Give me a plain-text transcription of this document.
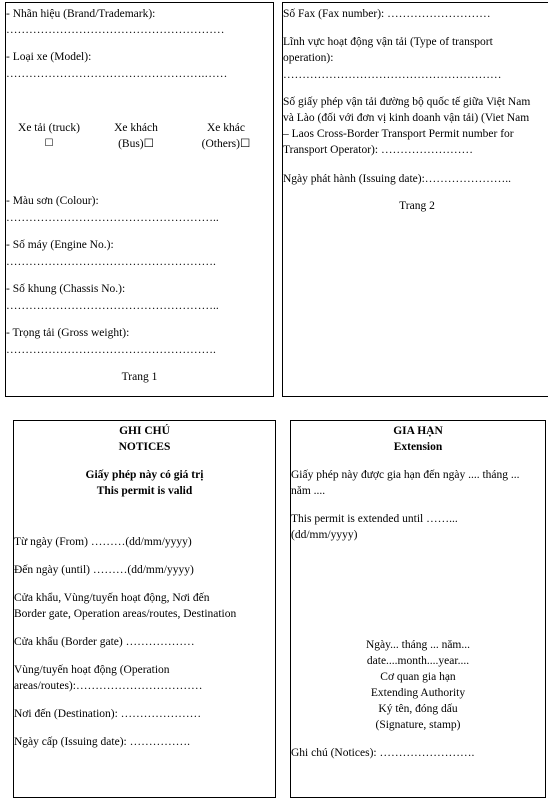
- Nhãn hiệu (Brand/Trademark):
…………………………………………………
- Loại xe (Model):
…………………………………………….……
Xe tải (truck)
☐
Xe khách
(Bus)☐
Xe khác
(Others)☐
- Màu sơn (Colour):
………………………………………………..
- Số máy (Engine No.):
……………………………………………….
- Số khung (Chassis No.):
………………………………………………..
- Trọng tải (Gross weight):
……………………………………………….
Trang 1
Số Fax (Fax number): ………………………
Lĩnh vực hoạt động vận tải (Type of transport
operation):
…………………………………………………
Số giấy phép vận tải đường bộ quốc tế giữa Việt Nam
và Lào (đối với đơn vị kinh doanh vận tải) (Viet Nam
– Laos Cross-Border Transport Permit number for
Transport Operator): ……………………
Ngày phát hành (Issuing date):…………………..
Trang 2
GHI CHÚ
NOTICES
Giấy phép này có giá trị
This permit is valid
Từ ngày (From) ………(dd/mm/yyyy)
Đến ngày (until) ………(dd/mm/yyyy)
Cửa khẩu, Vùng/tuyến hoạt động, Nơi đến
Border gate, Operation areas/routes, Destination
Cửa khẩu (Border gate) ………………
Vùng/tuyến hoạt động (Operation
areas/routes):……………………………
Nơi đến (Destination): …………………
Ngày cấp (Issuing date): …………….
GIA HẠN
Extension
Giấy phép này được gia hạn đến ngày .... tháng ...
năm ....
This permit is extended until ……...
(dd/mm/yyyy)
Ngày... tháng ... năm...
date....month....year....
Cơ quan gia hạn
Extending Authority
Ký tên, đóng dấu
(Signature, stamp)
Ghi chú (Notices): …………………….
